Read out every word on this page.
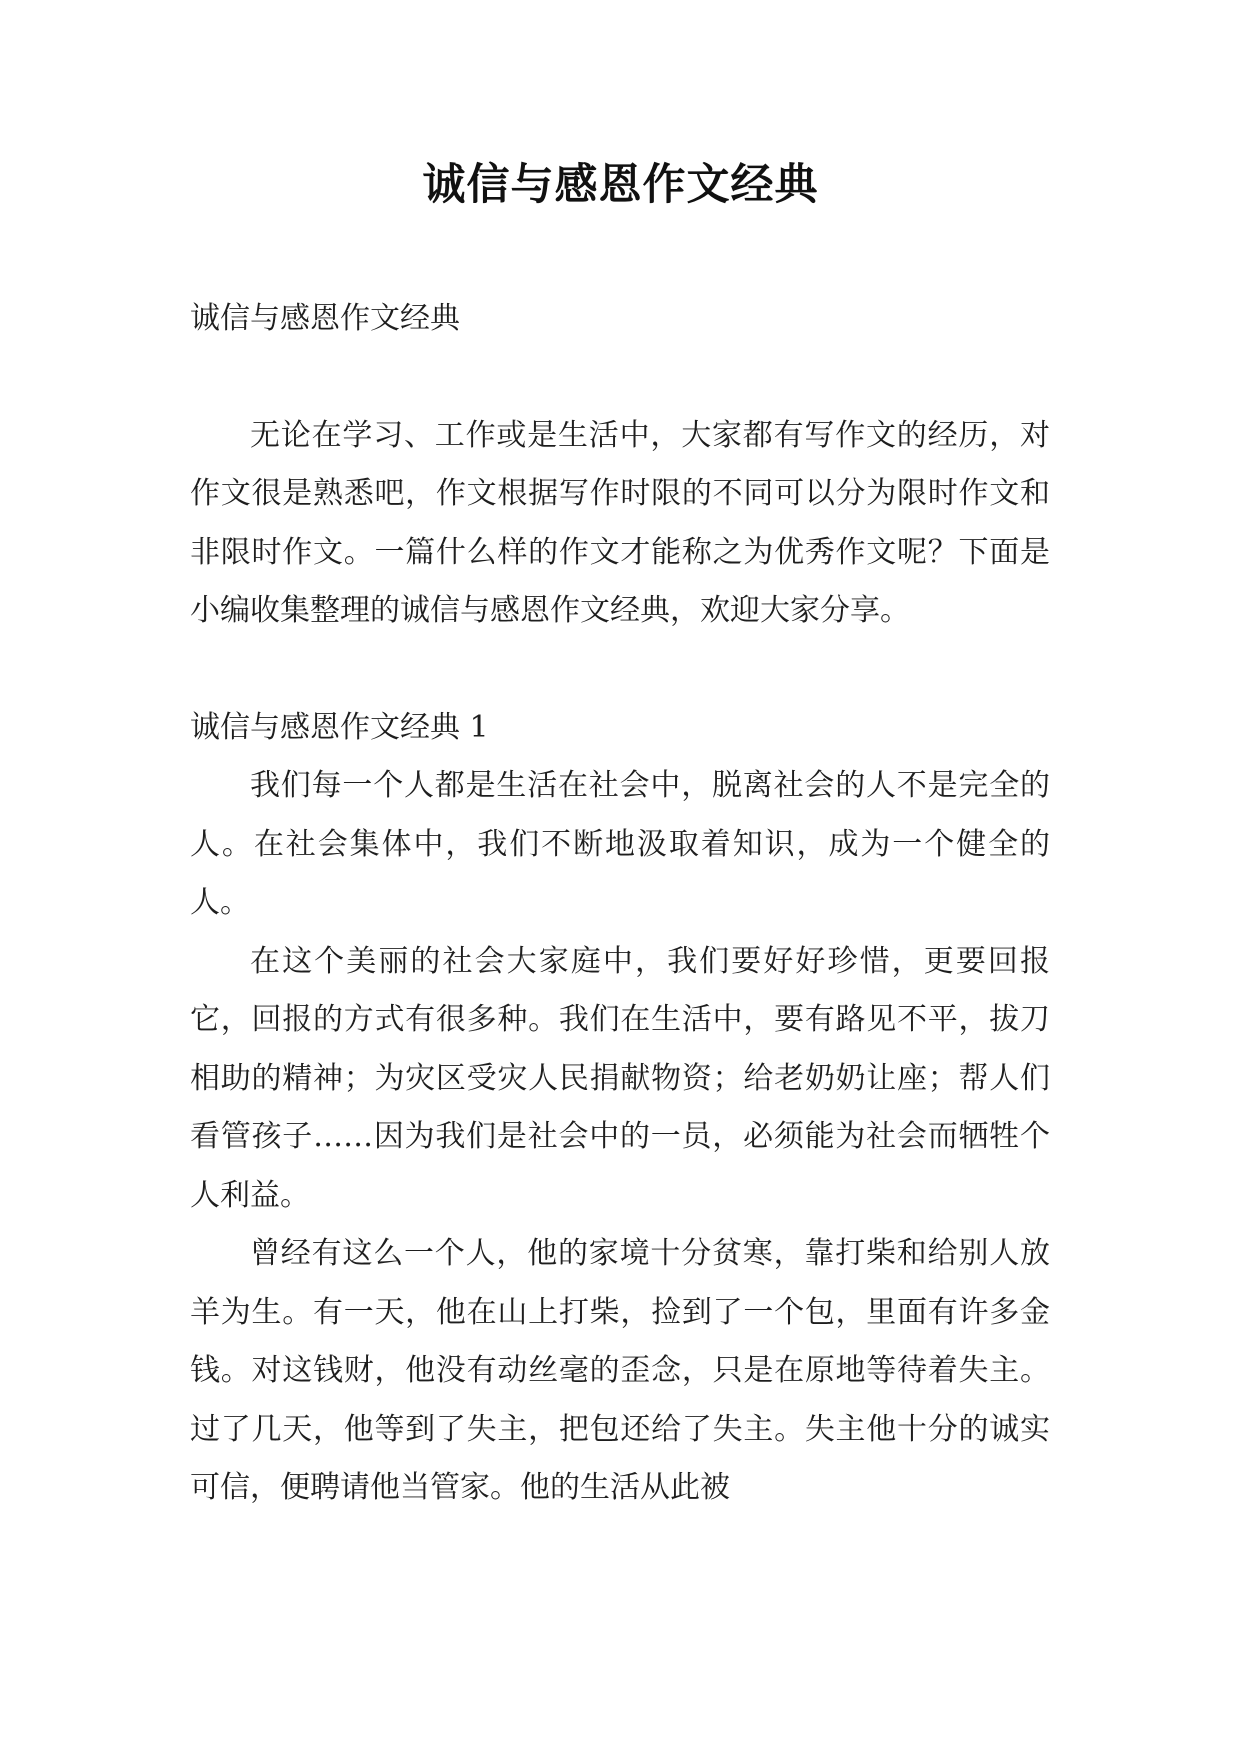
诚信与感恩作文经典

诚信与感恩作文经典

无论在学习、工作或是生活中，大家都有写作文的经历，对作文很是熟悉吧，作文根据写作时限的不同可以分为限时作文和非限时作文。一篇什么样的作文才能称之为优秀作文呢？下面是小编收集整理的诚信与感恩作文经典，欢迎大家分享。

诚信与感恩作文经典 1

我们每一个人都是生活在社会中，脱离社会的人不是完全的人。在社会集体中，我们不断地汲取着知识，成为一个健全的人。

在这个美丽的社会大家庭中，我们要好好珍惜，更要回报它，回报的方式有很多种。我们在生活中，要有路见不平，拔刀相助的精神；为灾区受灾人民捐献物资；给老奶奶让座；帮人们看管孩子……因为我们是社会中的一员，必须能为社会而牺牲个人利益。

曾经有这么一个人，他的家境十分贫寒，靠打柴和给别人放羊为生。有一天，他在山上打柴，捡到了一个包，里面有许多金钱。对这钱财，他没有动丝毫的歪念，只是在原地等待着失主。过了几天，他等到了失主，把包还给了失主。失主他十分的诚实可信，便聘请他当管家。他的生活从此被
